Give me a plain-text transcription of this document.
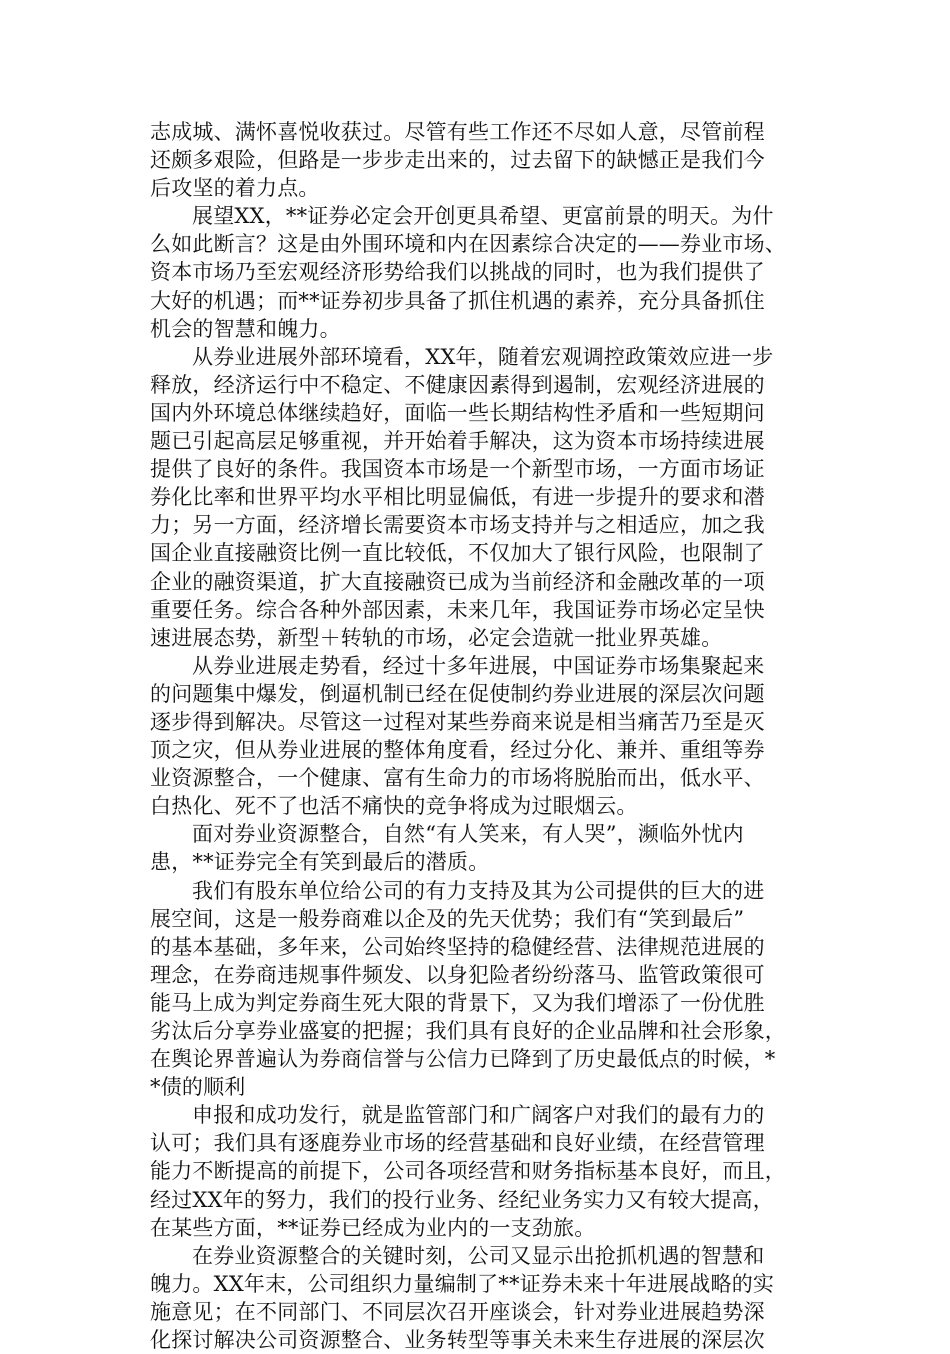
志成城、满怀喜悦收获过。尽管有些工作还不尽如人意，尽管前程
还颇多艰险，但路是一步步走出来的，过去留下的缺憾正是我们今
后攻坚的着力点。
展望XX，**证券必定会开创更具希望、更富前景的明天。为什
么如此断言？这是由外围环境和内在因素综合决定的——券业市场、
资本市场乃至宏观经济形势给我们以挑战的同时，也为我们提供了
大好的机遇；而**证券初步具备了抓住机遇的素养，充分具备抓住
机会的智慧和魄力。
从券业进展外部环境看，XX年，随着宏观调控政策效应进一步
释放，经济运行中不稳定、不健康因素得到遏制，宏观经济进展的
国内外环境总体继续趋好，面临一些长期结构性矛盾和一些短期问
题已引起高层足够重视，并开始着手解决，这为资本市场持续进展
提供了良好的条件。我国资本市场是一个新型市场，一方面市场证
券化比率和世界平均水平相比明显偏低，有进一步提升的要求和潜
力；另一方面，经济增长需要资本市场支持并与之相适应，加之我
国企业直接融资比例一直比较低，不仅加大了银行风险，也限制了
企业的融资渠道，扩大直接融资已成为当前经济和金融改革的一项
重要任务。综合各种外部因素，未来几年，我国证券市场必定呈快
速进展态势，新型＋转轨的市场，必定会造就一批业界英雄。
从券业进展走势看，经过十多年进展，中国证券市场集聚起来
的问题集中爆发，倒逼机制已经在促使制约券业进展的深层次问题
逐步得到解决。尽管这一过程对某些券商来说是相当痛苦乃至是灭
顶之灾，但从券业进展的整体角度看，经过分化、兼并、重组等券
业资源整合，一个健康、富有生命力的市场将脱胎而出，低水平、
白热化、死不了也活不痛快的竞争将成为过眼烟云。
面对券业资源整合，自然“有人笑来，有人哭”，濒临外忧内
患，**证券完全有笑到最后的潜质。
我们有股东单位给公司的有力支持及其为公司提供的巨大的进
展空间，这是一般券商难以企及的先天优势；我们有“笑到最后”
的基本基础，多年来，公司始终坚持的稳健经营、法律规范进展的
理念，在券商违规事件频发、以身犯险者纷纷落马、监管政策很可
能马上成为判定券商生死大限的背景下，又为我们增添了一份优胜
劣汰后分享券业盛宴的把握；我们具有良好的企业品牌和社会形象，
在舆论界普遍认为券商信誉与公信力已降到了历史最低点的时候，*
*债的顺利
申报和成功发行，就是监管部门和广阔客户对我们的最有力的
认可；我们具有逐鹿券业市场的经营基础和良好业绩，在经营管理
能力不断提高的前提下，公司各项经营和财务指标基本良好，而且，
经过XX年的努力，我们的投行业务、经纪业务实力又有较大提高，
在某些方面，**证券已经成为业内的一支劲旅。
在券业资源整合的关键时刻，公司又显示出抢抓机遇的智慧和
魄力。XX年末，公司组织力量编制了**证券未来十年进展战略的实
施意见；在不同部门、不同层次召开座谈会，针对券业进展趋势深
化探讨解决公司资源整合、业务转型等事关未来生存进展的深层次
